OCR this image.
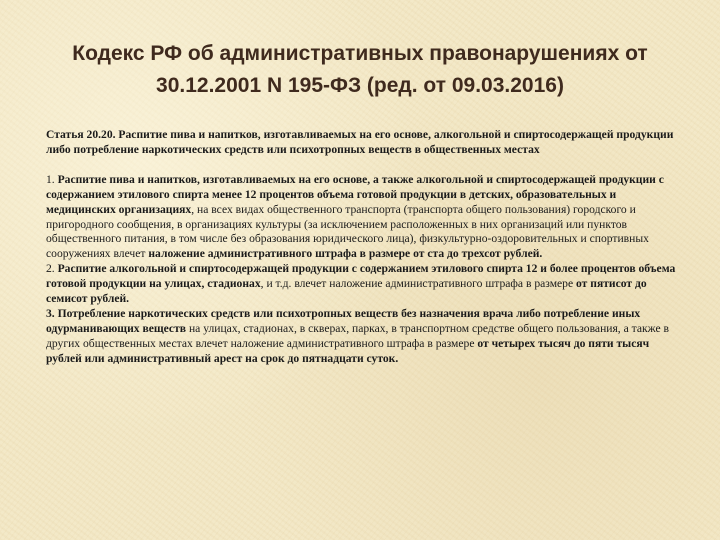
Кодекс РФ об административных правонарушениях от
30.12.2001 N 195-ФЗ (ред. от 09.03.2016)

Статья 20.20. Распитие пива и напитков, изготавливаемых на его основе, алкогольной и спиртосодержащей продукции либо потребление наркотических средств или психотропных веществ в общественных местах

1. Распитие пива и напитков, изготавливаемых на его основе, а также алкогольной и спиртосодержащей продукции с содержанием этилового спирта менее 12 процентов объема готовой продукции в детских, образовательных и медицинских организациях, на всех видах общественного транспорта (транспорта общего пользования) городского и пригородного сообщения, в организациях культуры (за исключением расположенных в них организаций или пунктов общественного питания, в том числе без образования юридического лица), физкультурно-оздоровительных и спортивных сооружениях влечет наложение административного штрафа в размере от ста до трехсот рублей.

2. Распитие алкогольной и спиртосодержащей продукции с содержанием этилового спирта 12 и более процентов объема готовой продукции на улицах, стадионах, и т.д. влечет наложение административного штрафа в размере от пятисот до семисот рублей.

3. Потребление наркотических средств или психотропных веществ без назначения врача либо потребление иных одурманивающих веществ на улицах, стадионах, в скверах, парках, в транспортном средстве общего пользования, а также в других общественных местах влечет наложение административного штрафа в размере от четырех тысяч до пяти тысяч рублей или административный арест на срок до пятнадцати суток.
